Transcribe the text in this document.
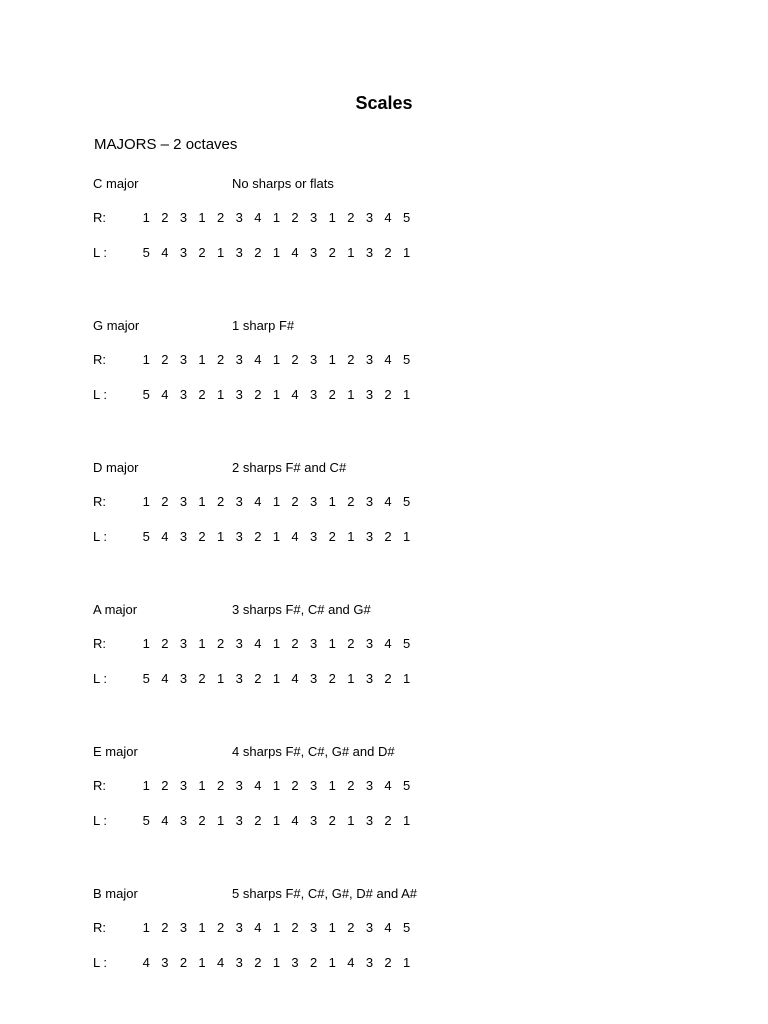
Scales
MAJORS – 2 octaves
C major	No sharps or flats
R:	1 2 3 1 2 3 4 1 2 3 1 2 3 4 5
L :	5 4 3 2 1 3 2 1 4 3 2 1 3 2 1
G major	1 sharp F#
R:	1 2 3 1 2 3 4 1 2 3 1 2 3 4 5
L :	5 4 3 2 1 3 2 1 4 3 2 1 3 2 1
D major	2 sharps F# and C#
R:	1 2 3 1 2 3 4 1 2 3 1 2 3 4 5
L :	5 4 3 2 1 3 2 1 4 3 2 1 3 2 1
A major	3 sharps F#, C# and G#
R:	1 2 3 1 2 3 4 1 2 3 1 2 3 4 5
L :	5 4 3 2 1 3 2 1 4 3 2 1 3 2 1
E major	4 sharps F#, C#, G# and D#
R:	1 2 3 1 2 3 4 1 2 3 1 2 3 4 5
L :	5 4 3 2 1 3 2 1 4 3 2 1 3 2 1
B major	5 sharps F#, C#, G#, D# and A#
R:	1 2 3 1 2 3 4 1 2 3 1 2 3 4 5
L :	4 3 2 1 4 3 2 1 3 2 1 4 3 2 1
